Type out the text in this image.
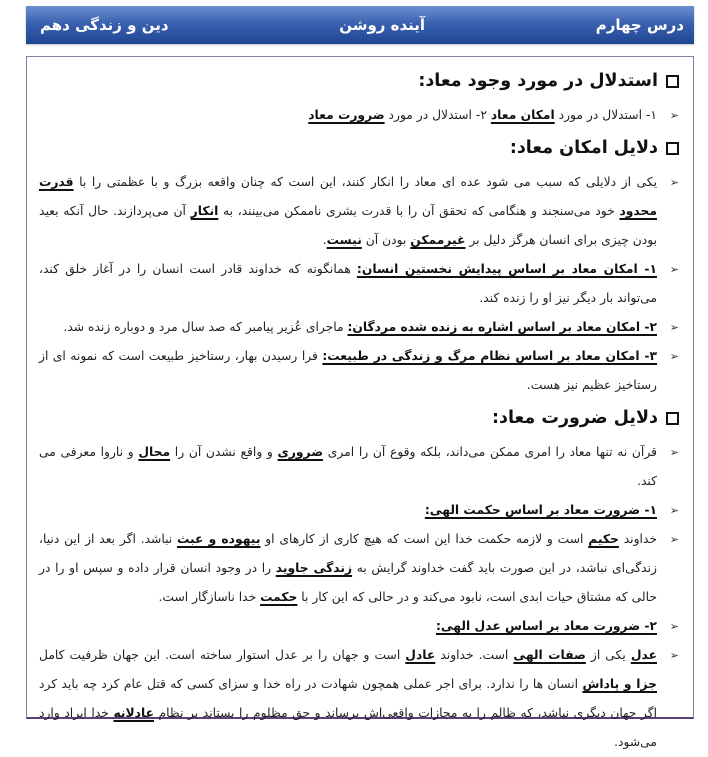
درس چهارم
آینده روشن
دین و زندگی دهم
استدلال در مورد وجود معاد:
➢
۱- استدلال در مورد امکان معاد ۲- استدلال در مورد ضرورت معاد
دلایل امکان معاد:
➢
یکی از دلایلی که سبب می شود عده ای معاد را انکار کنند، این است که چنان واقعه بزرگ و با عظمتی را با قدرت محدود خود می‌سنجند و هنگامی که تحقق آن را با قدرت بشری ناممکن می‌بینند، به انکار آن می‌پردازند. حال آنکه بعید بودن چیزی برای انسان هرگز دلیل بر غیرممکن بودن آن نیست.
➢
۱- امکان معاد بر اساس پیدایش نخستین انسان: همانگونه که خداوند قادر است انسان را در آغاز خلق کند، می‌تواند بار دیگر نیز او را زنده کند.
➢
۲- امکان معاد بر اساس اشاره به زنده شده مردگان: ماجرای عُزیر پیامبر که صد سال مرد و دوباره زنده شد.
➢
۳- امکان معاد بر اساس نظام مرگ و زندگی در طبیعت: فرا رسیدن بهار، رستاخیز طبیعت است که نمونه ای از رستاخیز عظیم نیز هست.
دلایل ضرورت معاد:
➢
قرآن نه تنها معاد را امری ممکن می‌داند، بلکه وقوع آن را امری ضروری و واقع نشدن آن را محال و ناروا معرفی می کند.
➢
۱- ضرورت معاد بر اساس حکمت الهی:
➢
خداوند حکیم است و لازمه حکمت خدا این است که هیچ کاری از کارهای او بیهوده و عبث نباشد. اگر بعد از این دنیا، زندگی‌ای نباشد، در این صورت باید گفت خداوند گرایش به زندگی جاوید را در وجود انسان قرار داده و سپس او را در حالی که مشتاق حیات ابدی است، نابود می‌کند و در حالی که این کار با حکمت خدا ناسازگار است.
➢
۲- ضرورت معاد بر اساس عدل الهی:
➢
عدل یکی از صفات الهی است. خداوند عادل است و جهان را بر عدل استوار ساخته است. این جهان ظرفیت کامل جزا و پاداش انسان ها را ندارد. برای اجر عملی همچون شهادت در راه خدا و سزای کسی که قتل عام کرد چه باید کرد اگر جهان دیگری نباشد، که ظالم را به مجازات واقعی‌اش برساند و حق مظلوم را بستاند بر نظام عادلانه خدا ایراد وارد می‌شود.
